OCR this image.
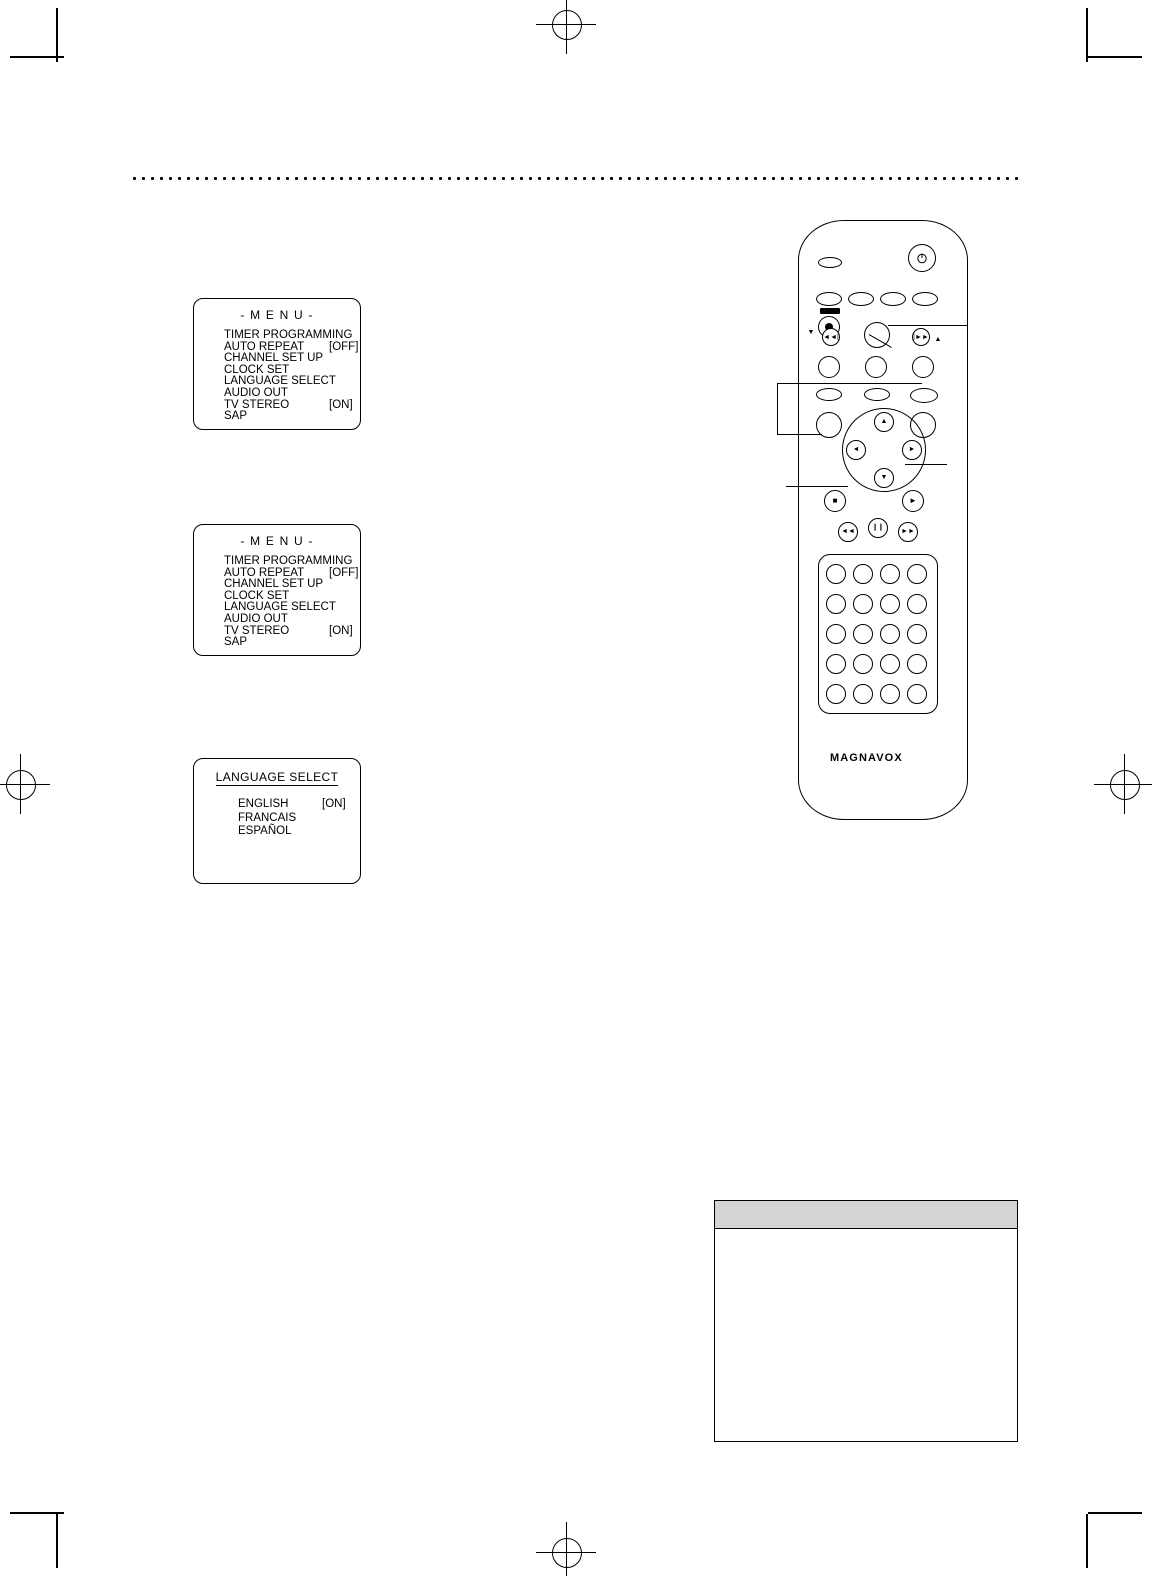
- M E N U -
TIMER PROGRAMMING
AUTO REPEAT [OFF]
CHANNEL SET UP
CLOCK SET
LANGUAGE SELECT
AUDIO OUT
TV STEREO	[ON]
SAP
- M E N U -
TIMER PROGRAMMING
AUTO REPEAT [OFF]
CHANNEL SET UP
CLOCK SET
LANGUAGE SELECT
AUDIO OUT
TV STEREO	[ON]
SAP
LANGUAGE SELECT
ENGLISH	[ON]
FRANCAIS
ESPAÑOL
▼
◄◄|	|►► ▲
▲
◄	►
▼
■	►
◄◄
❙❙
►►
MAGNAVOX
